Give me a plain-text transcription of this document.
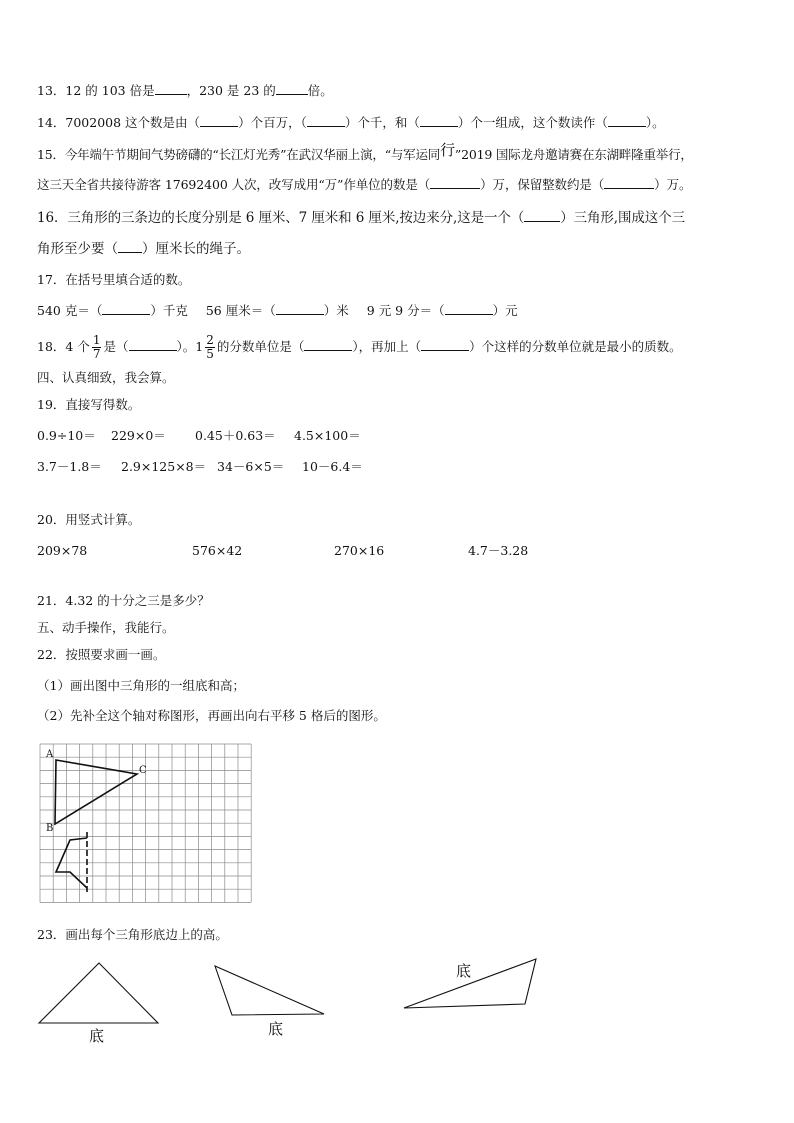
13．12 的 103 倍是	，230 是 23 的	倍。
14．7002008 这个数是由（	）个百万，（	）个千，和（	）个一组成，这个数读作（	）。
15．今年端午节期间气势磅礴的“长江灯光秀”在武汉华丽上演，“与军运同行”2019 国际龙舟邀请赛在东湖畔隆重举行，
这三天全省共接待游客 17692400 人次，改写成用“万”作单位的数是（	）万，保留整数约是（	）万。
16．三角形的三条边的长度分别是 6 厘米、7 厘米和 6 厘米,按边来分,这是一个（	）三角形,围成这个三
角形至少要（ ）厘米长的绳子。
17．在括号里填合适的数。
540 克＝（	）千克 56 厘米＝（	）米 9 元 9 分＝（	）元
18．4 个 $\frac{1}{7}$ 是（	）。$1 \frac{2}{5}$ 的分数单位是（	），再加上（	）个这样的分数单位就是最小的质数。
四、认真细致，我会算。
19．直接写得数。
0.9÷10＝ 229×0＝ 0.45＋0.63＝ 4.5×100＝
3.7－1.8＝ 2.9×125×8＝ 34－6×5＝ 10－6.4＝
20．用竖式计算。
209×78	576×42	270×16	4.7－3.28
21．4.32 的十分之三是多少？
五、动手操作，我能行。
22．按照要求画一画。
（1）画出图中三角形的一组底和高；
（2）先补全这个轴对称图形，再画出向右平移 5 格后的图形。
A
B
C
23．画出每个三角形底边上的高。
底	底
底
